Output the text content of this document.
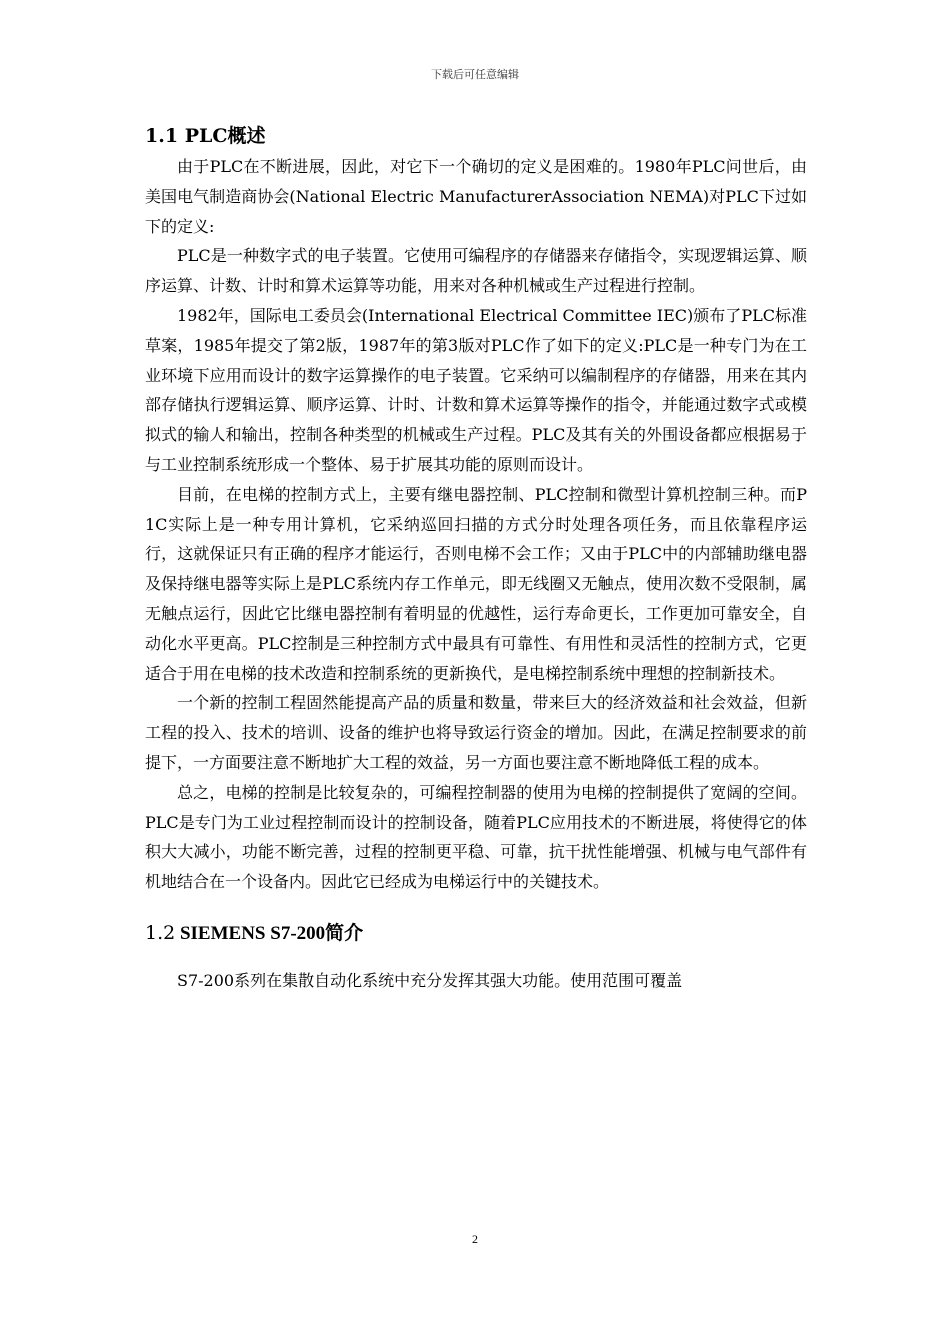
下载后可任意编辑
1.1 PLC概述

由于PLC在不断进展，因此，对它下一个确切的定义是困难的。1980年PLC问世后，由美国电气制造商协会(National Electric ManufacturerAssociation NEMA)对PLC下过如下的定义:

PLC是一种数字式的电子装置。它使用可编程序的存储器来存储指令，实现逻辑运算、顺序运算、计数、计时和算术运算等功能，用来对各种机械或生产过程进行控制。

1982年，国际电工委员会(International Electrical Committee IEC)颁布了PLC标准草案，1985年提交了第2版，1987年的第3版对PLC作了如下的定义:PLC是一种专门为在工业环境下应用而设计的数字运算操作的电子装置。它采纳可以编制程序的存储器，用来在其内部存储执行逻辑运算、顺序运算、计时、计数和算术运算等操作的指令，并能通过数字式或模拟式的输人和输出，控制各种类型的机械或生产过程。PLC及其有关的外围设备都应根据易于与工业控制系统形成一个整体、易于扩展其功能的原则而设计。

目前，在电梯的控制方式上，主要有继电器控制、PLC控制和微型计算机控制三种。而P1C实际上是一种专用计算机，它采纳巡回扫描的方式分时处理各项任务，而且依靠程序运行，这就保证只有正确的程序才能运行，否则电梯不会工作；又由于PLC中的内部辅助继电器及保持继电器等实际上是PLC系统内存工作单元，即无线圈又无触点，使用次数不受限制，属无触点运行，因此它比继电器控制有着明显的优越性，运行寿命更长，工作更加可靠安全，自动化水平更高。PLC控制是三种控制方式中最具有可靠性、有用性和灵活性的控制方式，它更适合于用在电梯的技术改造和控制系统的更新换代，是电梯控制系统中理想的控制新技术。

一个新的控制工程固然能提高产品的质量和数量，带来巨大的经济效益和社会效益，但新工程的投入、技术的培训、设备的维护也将导致运行资金的增加。因此，在满足控制要求的前提下，一方面要注意不断地扩大工程的效益，另一方面也要注意不断地降低工程的成本。

总之，电梯的控制是比较复杂的，可编程控制器的使用为电梯的控制提供了宽阔的空间。PLC是专门为工业过程控制而设计的控制设备，随着PLC应用技术的不断进展，将使得它的体积大大减小，功能不断完善，过程的控制更平稳、可靠，抗干扰性能增强、机械与电气部件有机地结合在一个设备内。因此它已经成为电梯运行中的关键技术。

1.2 SIEMENS S7-200简介

S7-200系列在集散自动化系统中充分发挥其强大功能。使用范围可覆盖

2
